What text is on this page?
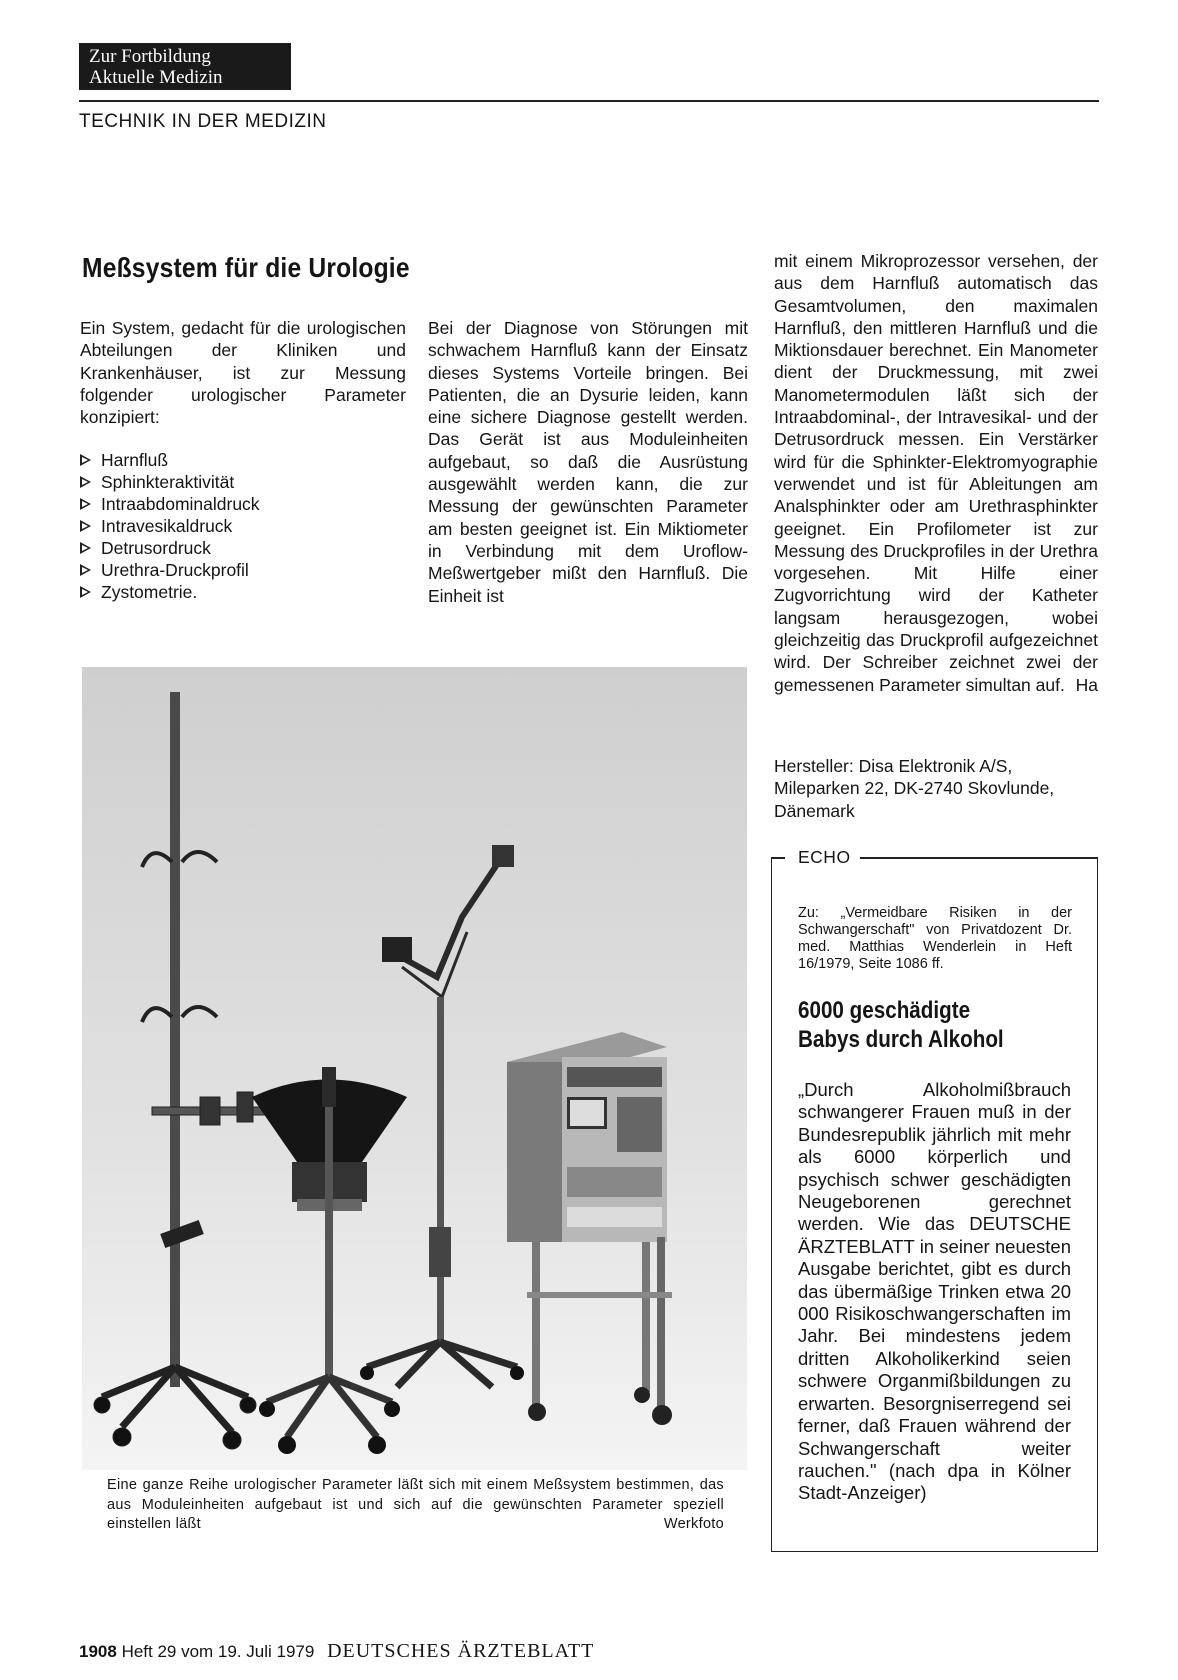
Zur Fortbildung
Aktuelle Medizin
TECHNIK IN DER MEDIZIN
Meßsystem für die Urologie

Ein System, gedacht für die urologischen Abteilungen der Kliniken und Krankenhäuser, ist zur Messung folgender urologischer Parameter konzipiert:

Harnfluß
Sphinkteraktivität
Intraabdominaldruck
Intravesikaldruck
Detrusordruck
Urethra-Druckprofil
Zystometrie.

Bei der Diagnose von Störungen mit schwachem Harnfluß kann der Einsatz dieses Systems Vorteile bringen. Bei Patienten, die an Dysurie leiden, kann eine sichere Diagnose gestellt werden. Das Gerät ist aus Moduleinheiten aufgebaut, so daß die Ausrüstung ausgewählt werden kann, die zur Messung der gewünschten Parameter am besten geeignet ist. Ein Miktiometer in Verbindung mit dem Uroflow-Meßwertgeber mißt den Harnfluß. Die Einheit ist

mit einem Mikroprozessor versehen, der aus dem Harnfluß automatisch das Gesamtvolumen, den maximalen Harnfluß, den mittleren Harnfluß und die Miktionsdauer berechnet. Ein Manometer dient der Druckmessung, mit zwei Manometermodulen läßt sich der Intraabdominal-, der Intravesikal- und der Detrusordruck messen. Ein Verstärker wird für die Sphinkter-Elektromyographie verwendet und ist für Ableitungen am Analsphinkter oder am Urethrasphinkter geeignet. Ein Profilometer ist zur Messung des Druckprofiles in der Urethra vorgesehen. Mit Hilfe einer Zugvorrichtung wird der Katheter langsam herausgezogen, wobei gleichzeitig das Druckprofil aufgezeichnet wird. Der Schreiber zeichnet zwei der gemessenen Parameter simultan auf. Ha

Hersteller: Disa Elektronik A/S, Mileparken 22, DK-2740 Skovlunde, Dänemark
Eine ganze Reihe urologischer Parameter läßt sich mit einem Meßsystem bestimmen, das aus Moduleinheiten aufgebaut ist und sich auf die gewünschten Parameter speziell einstellen läßt	Werkfoto
ECHO
Zu: „Vermeidbare Risiken in der Schwangerschaft" von Privatdozent Dr. med. Matthias Wenderlein in Heft 16/1979, Seite 1086 ff.
6000 geschädigte
Babys durch Alkohol
„Durch Alkoholmißbrauch schwangerer Frauen muß in der Bundesrepublik jährlich mit mehr als 6000 körperlich und psychisch schwer geschädigten Neugeborenen gerechnet werden. Wie das DEUTSCHE ÄRZTEBLATT in seiner neuesten Ausgabe berichtet, gibt es durch das übermäßige Trinken etwa 20 000 Risikoschwangerschaften im Jahr. Bei mindestens jedem dritten Alkoholikerkind seien schwere Organmißbildungen zu erwarten. Besorgniserregend sei ferner, daß Frauen während der Schwangerschaft weiter rauchen." (nach dpa in Kölner Stadt-Anzeiger)
1908 Heft 29 vom 19. Juli 1979 DEUTSCHES ÄRZTEBLATT
